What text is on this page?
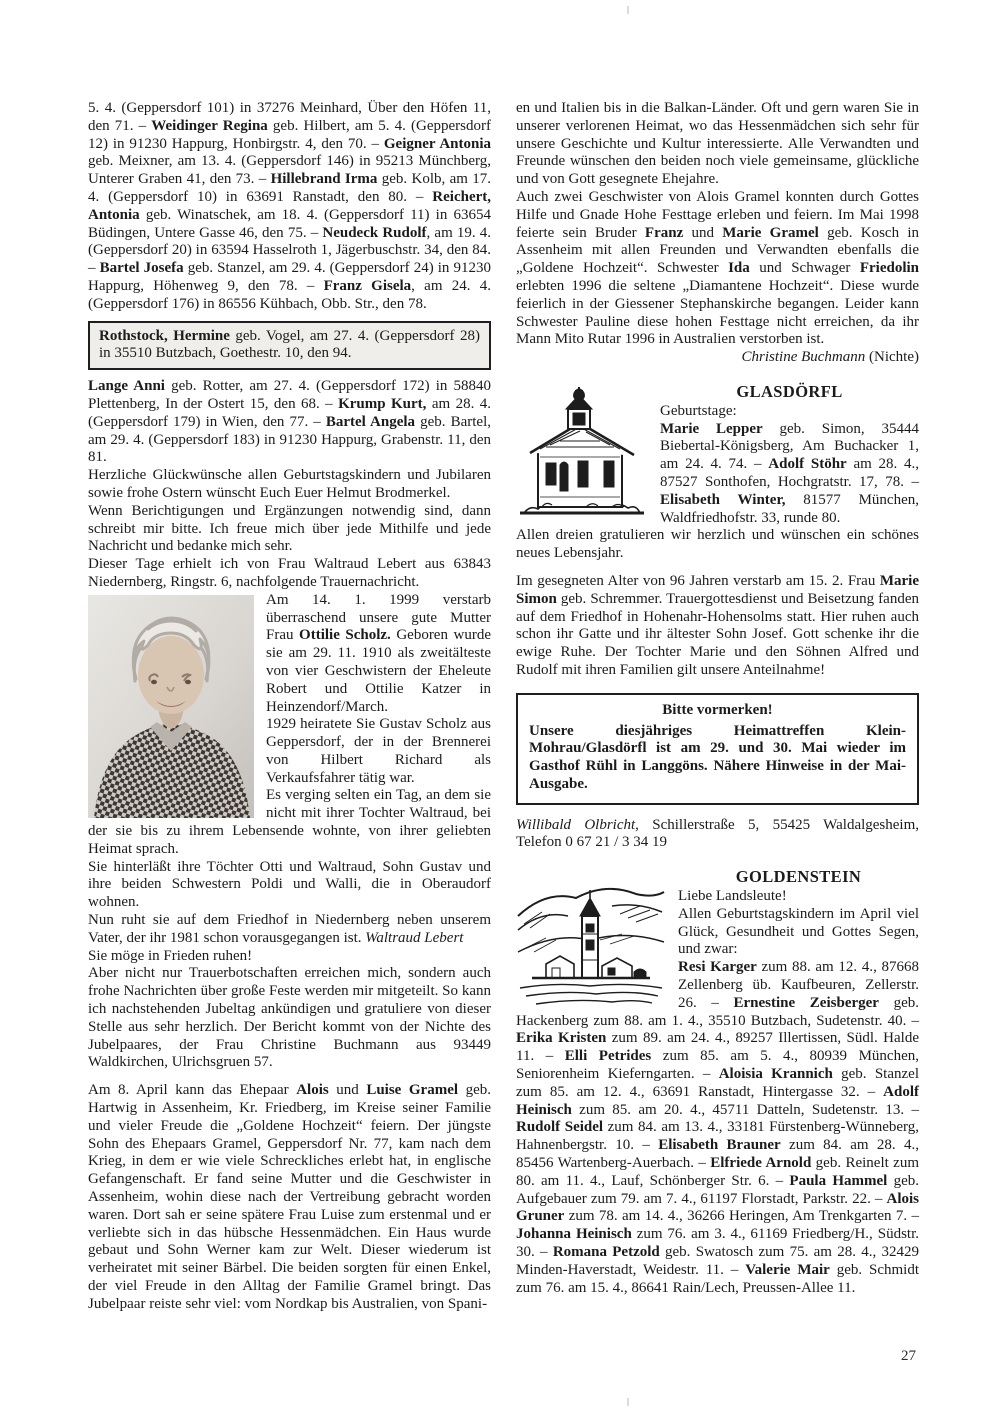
5. 4. (Geppersdorf 101) in 37276 Meinhard, Über den Höfen 11, den 71. – Weidinger Regina geb. Hilbert, am 5. 4. (Geppersdorf 12) in 91230 Happurg, Honbirgstr. 4, den 70. – Geigner Antonia geb. Meixner, am 13. 4. (Geppersdorf 146) in 95213 Münchberg, Unterer Graben 41, den 73. – Hillebrand Irma geb. Kolb, am 17. 4. (Geppersdorf 10) in 63691 Ranstadt, den 80. – Reichert, Antonia geb. Winatschek, am 18. 4. (Geppersdorf 11) in 63654 Büdingen, Untere Gasse 46, den 75. – Neudeck Rudolf, am 19. 4. (Geppersdorf 20) in 63594 Hasselroth 1, Jägerbuschstr. 34, den 84. – Bartel Josefa geb. Stanzel, am 29. 4. (Geppersdorf 24) in 91230 Happurg, Höhenweg 9, den 78. – Franz Gisela, am 24. 4. (Geppersdorf 176) in 86556 Kühbach, Obb. Str., den 78.

Rothstock, Hermine geb. Vogel, am 27. 4. (Geppersdorf 28) in 35510 Butzbach, Goethestr. 10, den 94.

Lange Anni geb. Rotter, am 27. 4. (Geppersdorf 172) in 58840 Plettenberg, In der Ostert 15, den 68. – Krump Kurt, am 28. 4. (Geppersdorf 179) in Wien, den 77. – Bartel Angela geb. Bartel, am 29. 4. (Geppersdorf 183) in 91230 Happurg, Grabenstr. 11, den 81.

Herzliche Glückwünsche allen Geburtstagskindern und Jubilaren sowie frohe Ostern wünscht Euch Euer Helmut Brodmerkel.

Wenn Berichtigungen und Ergänzungen notwendig sind, dann schreibt mir bitte. Ich freue mich über jede Mithilfe und jede Nachricht und bedanke mich sehr.

Dieser Tage erhielt ich von Frau Waltraud Lebert aus 63843 Niedernberg, Ringstr. 6, nachfolgende Trauernachricht.

Am 14. 1. 1999 verstarb überraschend unsere gute Mutter Frau Ottilie Scholz. Geboren wurde sie am 29. 11. 1910 als zweitälteste von vier Geschwistern der Eheleute Robert und Ottilie Katzer in Heinzendorf/March.

1929 heiratete Sie Gustav Scholz aus Geppersdorf, der in der Brennerei von Hilbert Richard als Verkaufsfahrer tätig war.

Es verging selten ein Tag, an dem sie nicht mit ihrer Tochter Waltraud, bei der sie bis zu ihrem Lebensende wohnte, von ihrer geliebten Heimat sprach.

Sie hinterläßt ihre Töchter Otti und Waltraud, Sohn Gustav und ihre beiden Schwestern Poldi und Walli, die in Oberaudorf wohnen.

Nun ruht sie auf dem Friedhof in Niedernberg neben unserem Vater, der ihr 1981 schon vorausgegangen ist. Waltraud Lebert

Sie möge in Frieden ruhen!

Aber nicht nur Trauerbotschaften erreichen mich, sondern auch frohe Nachrichten über große Feste werden mir mitgeteilt. So kann ich nachstehenden Jubeltag ankündigen und gratuliere von dieser Stelle aus sehr herzlich. Der Bericht kommt von der Nichte des Jubelpaares, der Frau Christine Buchmann aus 93449 Waldkirchen, Ulrichsgruen 57.

Am 8. April kann das Ehepaar Alois und Luise Gramel geb. Hartwig in Assenheim, Kr. Friedberg, im Kreise seiner Familie und vieler Freude die „Goldene Hochzeit“ feiern. Der jüngste Sohn des Ehepaars Gramel, Geppersdorf Nr. 77, kam nach dem Krieg, in dem er wie viele Schreckliches erlebt hat, in englische Gefangenschaft. Er fand seine Mutter und die Geschwister in Assenheim, wohin diese nach der Vertreibung gebracht worden waren. Dort sah er seine spätere Frau Luise zum erstenmal und er verliebte sich in das hübsche Hessenmädchen. Ein Haus wurde gebaut und Sohn Werner kam zur Welt. Dieser wiederum ist verheiratet mit seiner Bärbel. Die beiden sorgten für einen Enkel, der viel Freude in den Alltag der Familie Gramel bringt. Das Jubelpaar reiste sehr viel: vom Nordkap bis Australien, von Spani-

en und Italien bis in die Balkan-Länder. Oft und gern waren Sie in unserer verlorenen Heimat, wo das Hessenmädchen sich sehr für unsere Geschichte und Kultur interessierte. Alle Verwandten und Freunde wünschen den beiden noch viele gemeinsame, glückliche und von Gott gesegnete Ehejahre.

Auch zwei Geschwister von Alois Gramel konnten durch Gottes Hilfe und Gnade Hohe Festtage erleben und feiern. Im Mai 1998 feierte sein Bruder Franz und Marie Gramel geb. Kosch in Assenheim mit allen Freunden und Verwandten ebenfalls die „Goldene Hochzeit“. Schwester Ida und Schwager Friedolin erlebten 1996 die seltene „Diamantene Hochzeit“. Diese wurde feierlich in der Giessener Stephanskirche begangen. Leider kann Schwester Pauline diese hohen Festtage nicht erreichen, da ihr Mann Mito Rutar 1996 in Australien verstorben ist.

Christine Buchmann (Nichte)

GLASDÖRFL

Geburtstage:

Marie Lepper geb. Simon, 35444 Biebertal-Königsberg, Am Buchacker 1, am 24. 4. 74. – Adolf Stöhr am 28. 4., 87527 Sonthofen, Hochgratstr. 17, 78. – Elisabeth Winter, 81577 München, Waldfriedhofstr. 33, runde 80.

Allen dreien gratulieren wir herzlich und wünschen ein schönes neues Lebensjahr.

Im gesegneten Alter von 96 Jahren verstarb am 15. 2. Frau Marie Simon geb. Schremmer. Trauergottesdienst und Beisetzung fanden auf dem Friedhof in Hohenahr-Hohensolms statt. Hier ruhen auch schon ihr Gatte und ihr ältester Sohn Josef. Gott schenke ihr die ewige Ruhe. Der Tochter Marie und den Söhnen Alfred und Rudolf mit ihren Familien gilt unsere Anteilnahme!

Bitte vormerken!
Unsere diesjähriges Heimattreffen Klein-Mohrau/Glasdörfl ist am 29. und 30. Mai wieder im Gasthof Rühl in Langgöns. Nähere Hinweise in der Mai-Ausgabe.

Willibald Olbricht, Schillerstraße 5, 55425 Waldalgesheim, Telefon 0 67 21 / 3 34 19

GOLDENSTEIN

Liebe Landsleute!

Allen Geburtstagskindern im April viel Glück, Gesundheit und Gottes Segen, und zwar:

Resi Karger zum 88. am 12. 4., 87668 Zellenberg üb. Kaufbeuren, Zellerstr. 26. – Ernestine Zeisberger geb. Hackenberg zum 88. am 1. 4., 35510 Butzbach, Sudetenstr. 40. – Erika Kristen zum 89. am 24. 4., 89257 Illertissen, Südl. Halde 11. – Elli Petrides zum 85. am 5. 4., 80939 München, Seniorenheim Kieferngarten. – Aloisia Krannich geb. Stanzel zum 85. am 12. 4., 63691 Ranstadt, Hintergasse 32. – Adolf Heinisch zum 85. am 20. 4., 45711 Datteln, Sudetenstr. 13. – Rudolf Seidel zum 84. am 13. 4., 33181 Fürstenberg-Wünneberg, Hahnenbergstr. 10. – Elisabeth Brauner zum 84. am 28. 4., 85456 Wartenberg-Auerbach. – Elfriede Arnold geb. Reinelt zum 80. am 11. 4., Lauf, Schönberger Str. 6. – Paula Hammel geb. Aufgebauer zum 79. am 7. 4., 61197 Florstadt, Parkstr. 22. – Alois Gruner zum 78. am 14. 4., 36266 Heringen, Am Trenkgarten 7. – Johanna Heinisch zum 76. am 3. 4., 61169 Friedberg/H., Südstr. 30. – Romana Petzold geb. Swatosch zum 75. am 28. 4., 32429 Minden-Haverstadt, Weidestr. 11. – Valerie Mair geb. Schmidt zum 76. am 15. 4., 86641 Rain/Lech, Preussen-Allee 11.

27
